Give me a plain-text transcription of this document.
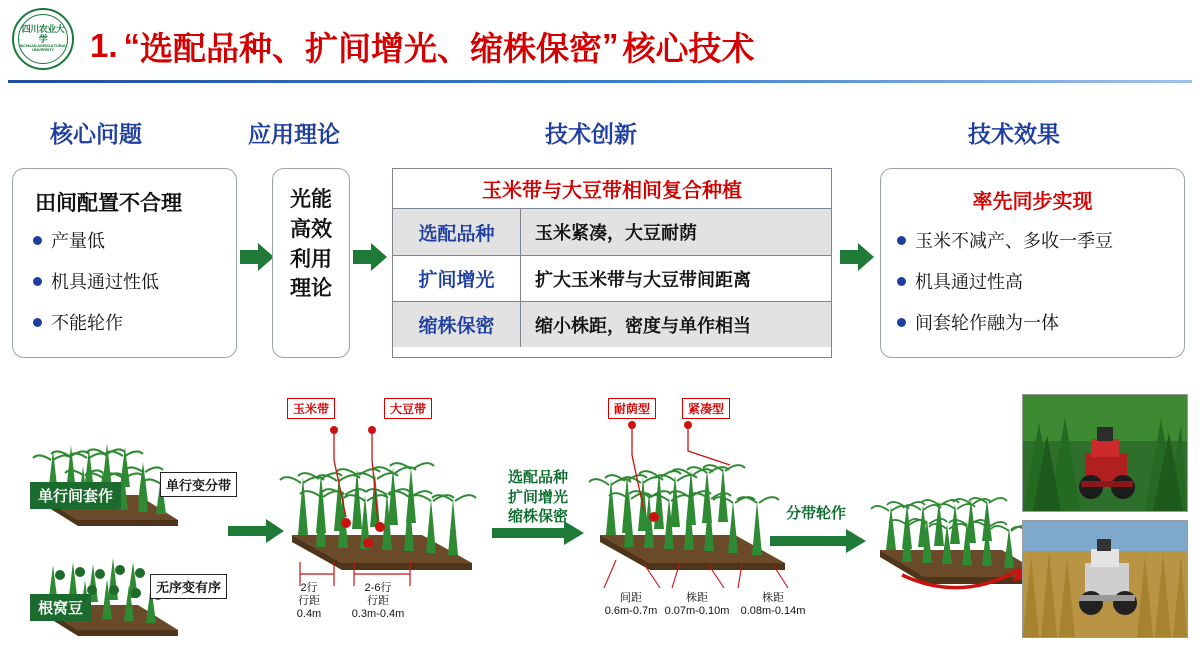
四川农业大学
SICHUAN AGRICULTURAL UNIVERSITY	1. “ 选配品种、扩间增光、缩株保密 ” 核心技术
核心问题	应用理论	技术创新	技术效果
田间配置不合理
产量低
机具通过性低
不能轮作
光能
高效
利用
理论
玉米带与大豆带相间复合种植
选配品种	玉米紧凑，大豆耐荫
扩间增光	扩大玉米带与大豆带间距离
缩株保密	缩小株距，密度与单作相当
率先同步实现
玉米不减产、多收一季豆
机具通过性高
间套轮作融为一体
单行间套作
根窝豆
单行变分带
无序变有序
玉米带	大豆带
2行
行距
0.4m
2-6行
行距
0.3m-0.4m
选配品种
扩间增光
缩株保密
耐荫型	紧凑型
间距
0.6m-0.7m
株距
0.07m-0.10m
株距
0.08m-0.14m
分带轮作
